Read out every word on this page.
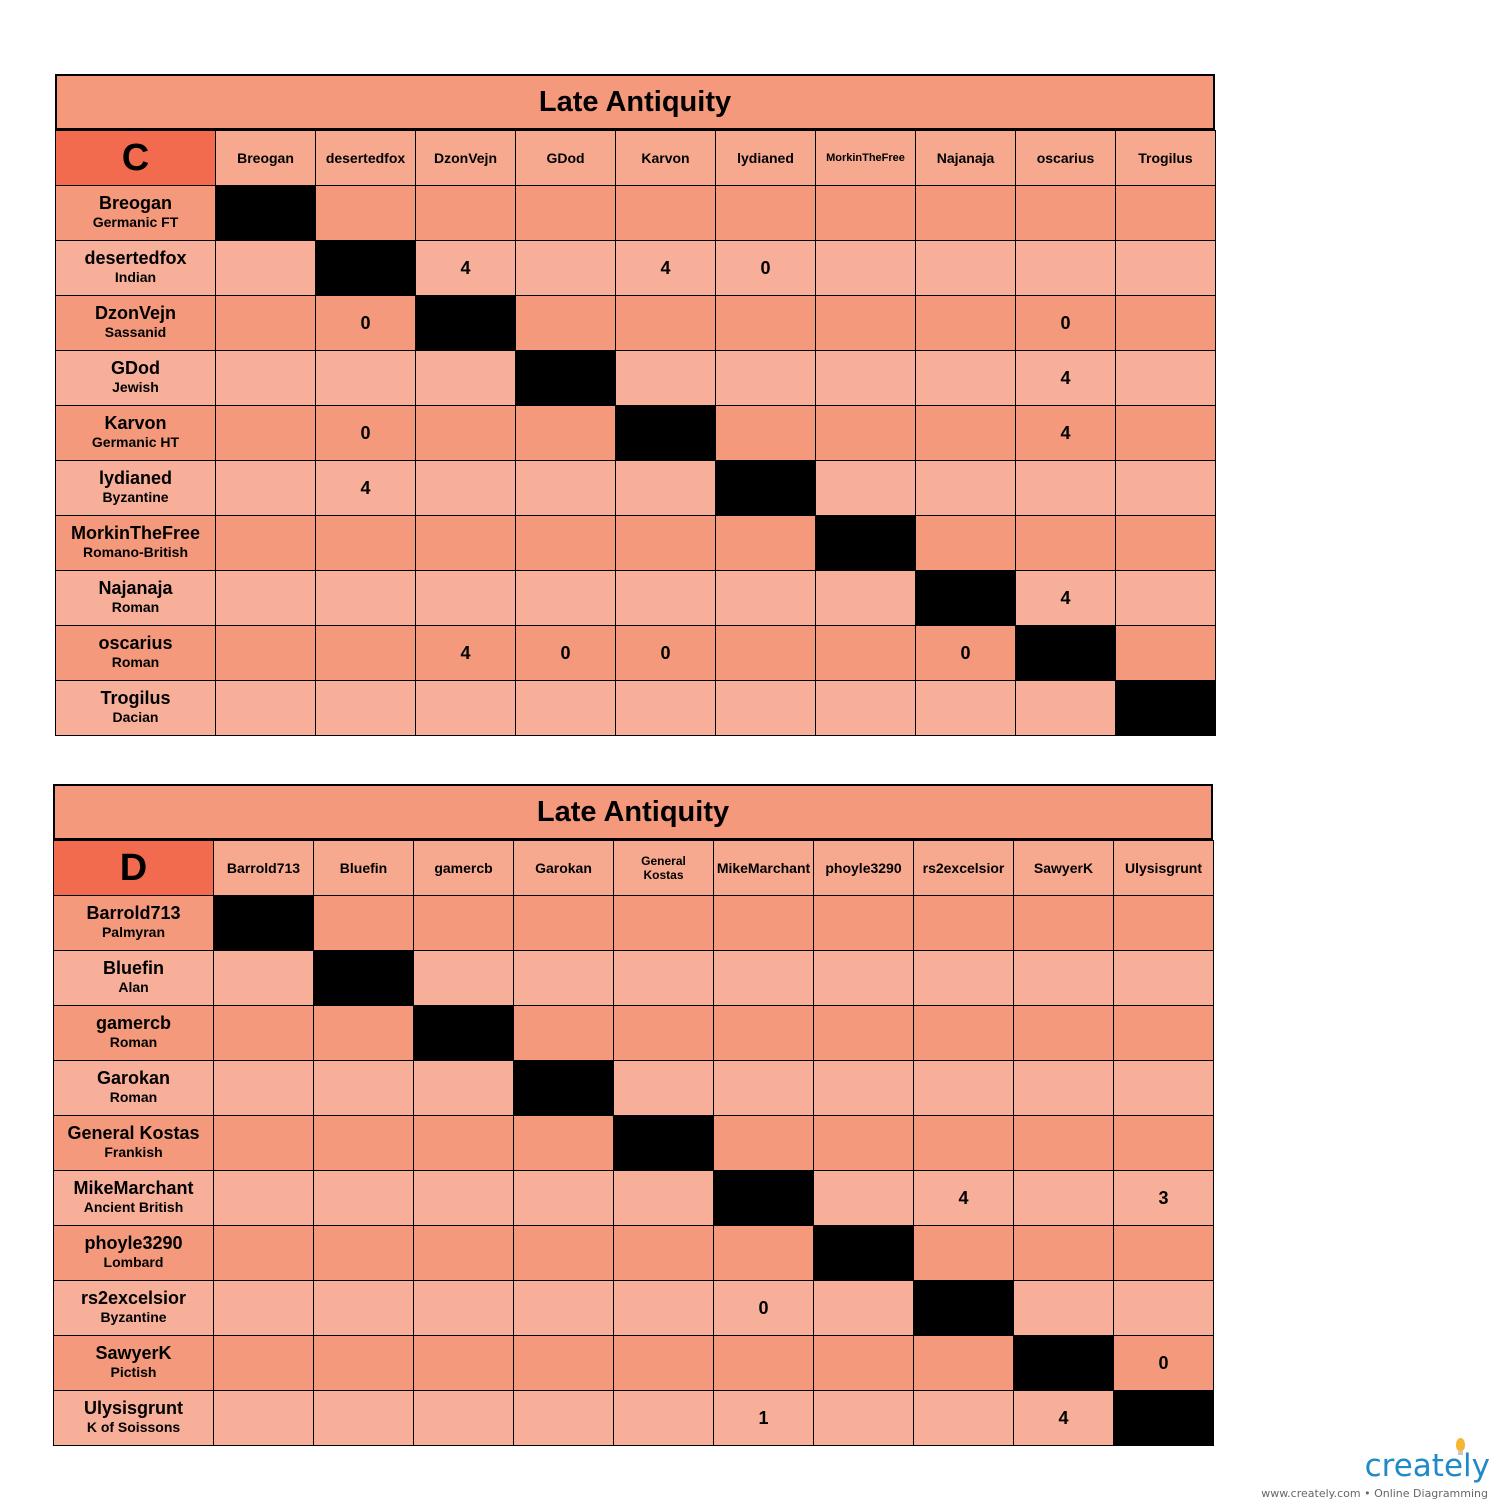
Late Antiquity
C	Breogan	desertedfox	DzonVejn	GDod	Karvon	lydianed	MorkinTheFree	Najanaja	oscarius	Trogilus

Breogan
Germanic FT										

desertedfox
Indian			4		4	0				

DzonVejn
Sassanid		0							0	

GDod
Jewish									4	

Karvon
Germanic HT		0							4	

lydianed
Byzantine		4								

MorkinTheFree
Romano-British										

Najanaja
Roman									4	

oscarius
Roman			4	0	0			0		

Trogilus
Dacian										

Late Antiquity
D	Barrold713	Bluefin	gamercb	Garokan	General Kostas	MikeMarchant	phoyle3290	rs2excelsior	SawyerK	Ulysisgrunt

Barrold713
Palmyran										

Bluefin
Alan										

gamercb
Roman										

Garokan
Roman										

General Kostas
Frankish										

MikeMarchant
Ancient British								4		3

phoyle3290
Lombard										

rs2excelsior
Byzantine						0				

SawyerK
Pictish										0

Ulysisgrunt
K of Soissons						1			4	
creately
www.creately.com • Online Diagramming
